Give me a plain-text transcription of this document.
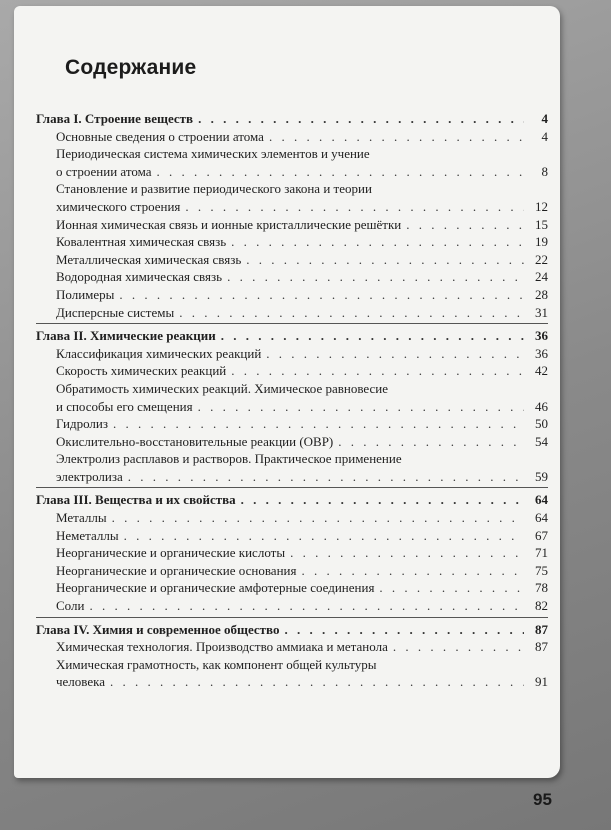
Содержание
Глава I. Строение веществ . . .	4
Основные сведения о строении атома . . .	4
Периодическая система химических элементов и учение
о строении атома . . .	8
Становление и развитие периодического закона и теории
химического строения . . .	12
Ионная химическая связь и ионные кристаллические решётки . . .	15
Ковалентная химическая связь . . .	19
Металлическая химическая связь . . .	22
Водородная химическая связь . . .	24
Полимеры . . .	28
Дисперсные системы . . .	31
Глава II. Химические реакции . . .	36
Классификация химических реакций . . .	36
Скорость химических реакций . . .	42
Обратимость химических реакций. Химическое равновесие
и способы его смещения . . .	46
Гидролиз . . .	50
Окислительно-восстановительные реакции (ОВР) . . .	54
Электролиз расплавов и растворов. Практическое применение
электролиза . . .	59
Глава III. Вещества и их свойства . . .	64
Металлы . . .	64
Неметаллы . . .	67
Неорганические и органические кислоты . . .	71
Неорганические и органические основания . . .	75
Неорганические и органические амфотерные соединения . . .	78
Соли . . .	82
Глава IV. Химия и современное общество . . .	87
Химическая технология. Производство аммиака и метанола . . .	87
Химическая грамотность, как компонент общей культуры
человека . . .	91
95
